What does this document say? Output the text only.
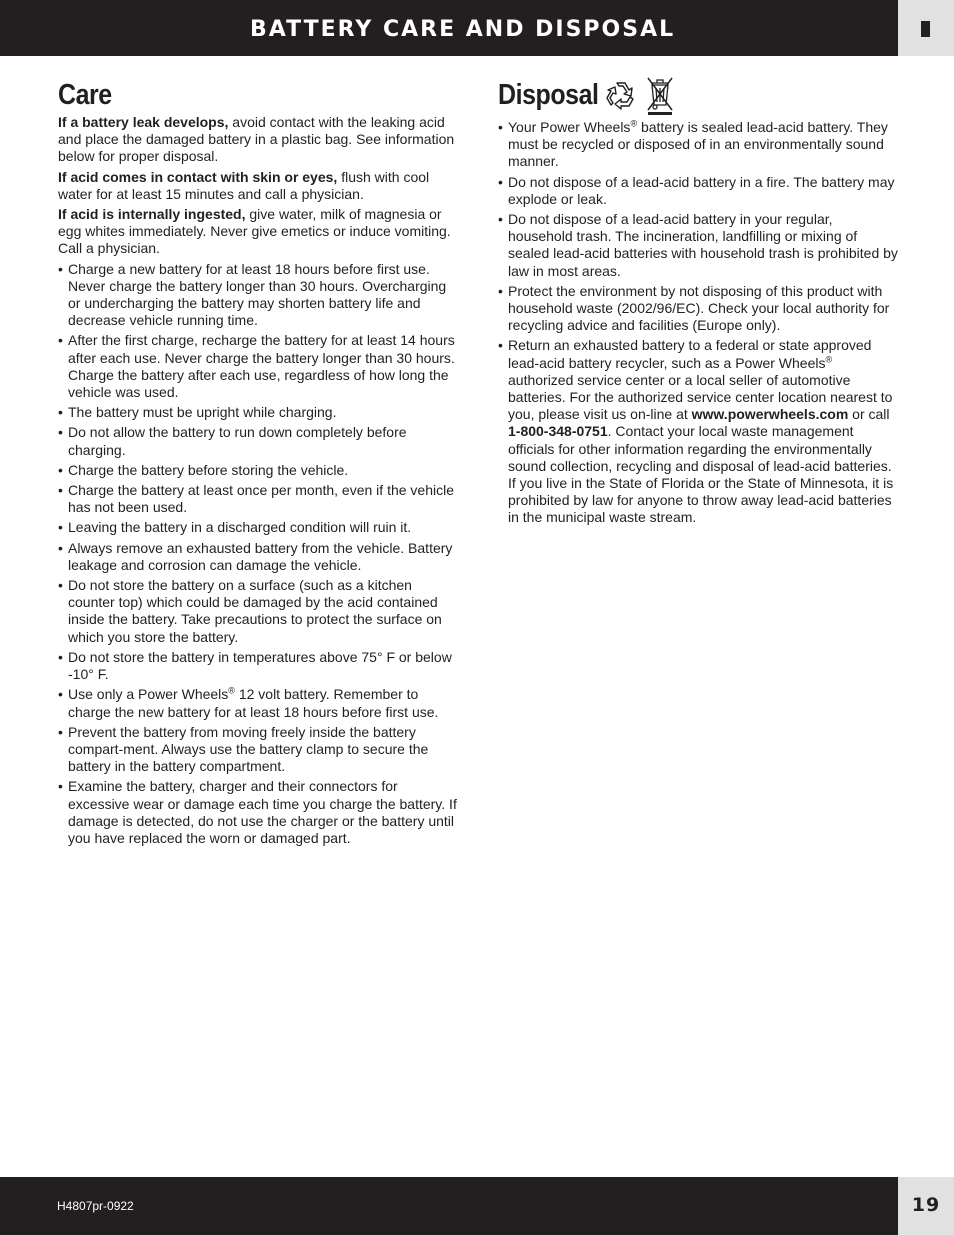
BATTERY CARE AND DISPOSAL
Care

If a battery leak develops, avoid contact with the leaking acid and place the damaged battery in a plastic bag. See information below for proper disposal.

If acid comes in contact with skin or eyes, flush with cool water for at least 15 minutes and call a physician.

If acid is internally ingested, give water, milk of magnesia or egg whites immediately. Never give emetics or induce vomiting. Call a physician.

• Charge a new battery for at least 18 hours before first use. Never charge the battery longer than 30 hours. Overcharging or undercharging the battery may shorten battery life and decrease vehicle running time.
• After the first charge, recharge the battery for at least 14 hours after each use. Never charge the battery longer than 30 hours. Charge the battery after each use, regardless of how long the vehicle was used.
• The battery must be upright while charging.
• Do not allow the battery to run down completely before charging.
• Charge the battery before storing the vehicle.
• Charge the battery at least once per month, even if the vehicle has not been used.
• Leaving the battery in a discharged condition will ruin it.
• Always remove an exhausted battery from the vehicle. Battery leakage and corrosion can damage the vehicle.
• Do not store the battery on a surface (such as a kitchen counter top) which could be damaged by the acid contained inside the battery. Take precautions to protect the surface on which you store the battery.
• Do not store the battery in temperatures above 75° F or below -10° F.
• Use only a Power Wheels® 12 volt battery. Remember to charge the new battery for at least 18 hours before first use.
• Prevent the battery from moving freely inside the battery compart-ment. Always use the battery clamp to secure the battery in the battery compartment.
• Examine the battery, charger and their connectors for excessive wear or damage each time you charge the battery. If damage is detected, do not use the charger or the battery until you have replaced the worn or damaged part.
Disposal
• Your Power Wheels® battery is sealed lead-acid battery. They must be recycled or disposed of in an environmentally sound manner.
• Do not dispose of a lead-acid battery in a fire. The battery may explode or leak.
• Do not dispose of a lead-acid battery in your regular, household trash. The incineration, landfilling or mixing of sealed lead-acid batteries with household trash is prohibited by law in most areas.
• Protect the environment by not disposing of this product with household waste (2002/96/EC). Check your local authority for recycling advice and facilities (Europe only).
• Return an exhausted battery to a federal or state approved lead-acid battery recycler, such as a Power Wheels® authorized service center or a local seller of automotive batteries. For the authorized service center location nearest to you, please visit us on-line at www.powerwheels.com or call 1-800-348-0751. Contact your local waste management officials for other information regarding the environmentally sound collection, recycling and disposal of lead-acid batteries. If you live in the State of Florida or the State of Minnesota, it is prohibited by law for anyone to throw away lead-acid batteries in the municipal waste stream.
H4807pr-0922	19
